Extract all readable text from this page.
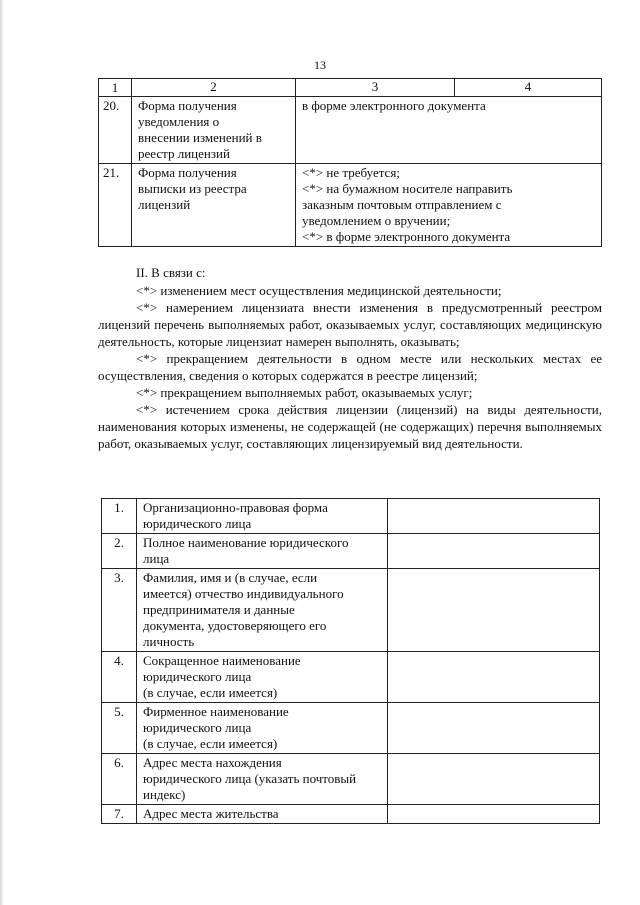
13
1	2	3	4
20.	Форма получения
уведомления о
внесении изменений в
реестр лицензий	в форме электронного документа	

21.	Форма получения
выписки из реестра
лицензий	<*> не требуется;
<*> на бумажном носителе направить
заказным почтовым отправлением с
уведомлением о вручении;
<*> в форме электронного документа	

II. В связи с:

<*> изменением мест осуществления медицинской деятельности;

<*> намерением лицензиата внести изменения в предусмотренный реестром лицензий перечень выполняемых работ, оказываемых услуг, составляющих медицинскую деятельность, которые лицензиат намерен выполнять, оказывать;

<*> прекращением деятельности в одном месте или нескольких местах ее осуществления, сведения о которых содержатся в реестре лицензий;

<*> прекращением выполняемых работ, оказываемых услуг;

<*> истечением срока действия лицензии (лицензий) на виды деятельности, наименования которых изменены, не содержащей (не содержащих) перечня выполняемых работ, оказываемых услуг, составляющих лицензируемый вид деятельности.

1.	Организационно-правовая форма
юридического лица	

2.	Полное наименование юридического
лица	

3.	Фамилия, имя и (в случае, если
имеется) отчество индивидуального
предпринимателя и данные
документа, удостоверяющего его
личность	

4.	Сокращенное наименование
юридического лица
(в случае, если имеется)	

5.	Фирменное наименование
юридического лица
(в случае, если имеется)	

6.	Адрес места нахождения
юридического лица (указать почтовый
индекс)	

7.	Адрес места жительства	
